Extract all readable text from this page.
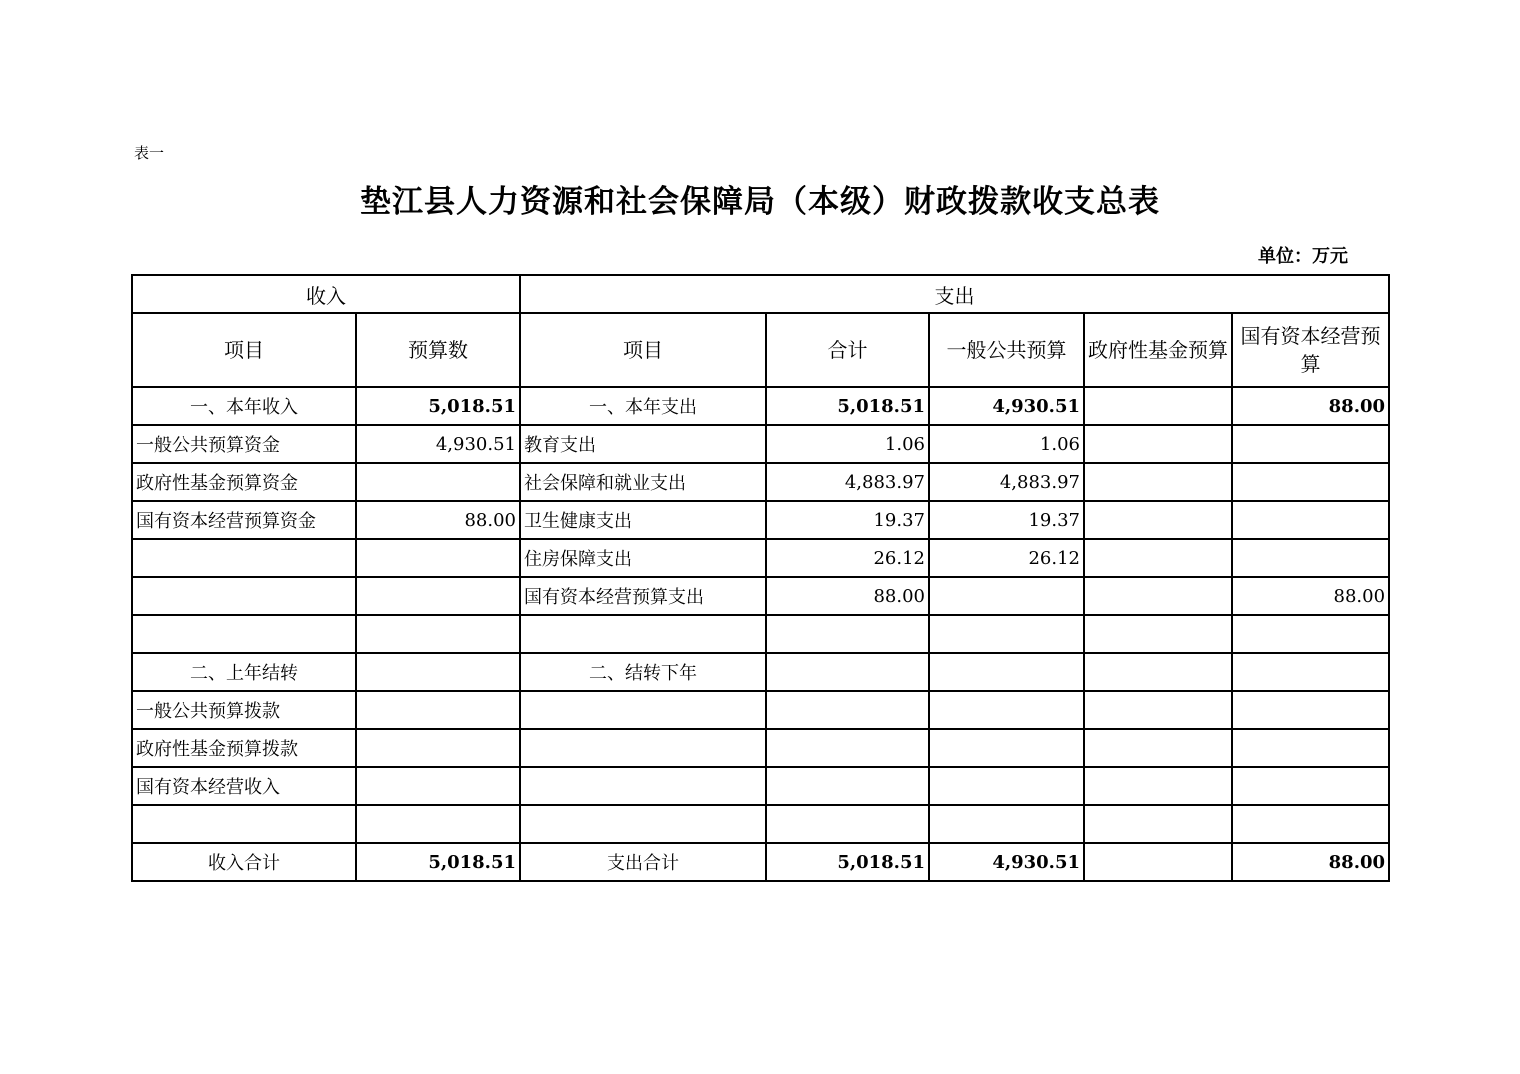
表一
垫江县人力资源和社会保障局（本级）财政拨款收支总表
单位：万元
收入		支出				
项目	预算数	项目	合计	一般公共预算	政府性基金预算	国有资本经营预算
一、本年收入	5,018.51	一、本年支出	5,018.51	4,930.51		88.00
一般公共预算资金	4,930.51	教育支出	1.06	1.06		
政府性基金预算资金		社会保障和就业支出	4,883.97	4,883.97		
国有资本经营预算资金	88.00	卫生健康支出	19.37	19.37		
		住房保障支出	26.12	26.12		
		国有资本经营预算支出	88.00			88.00

二、上年结转		二、结转下年				
一般公共预算拨款						
政府性基金预算拨款						
国有资本经营收入						

收入合计	5,018.51	支出合计	5,018.51	4,930.51		88.00
